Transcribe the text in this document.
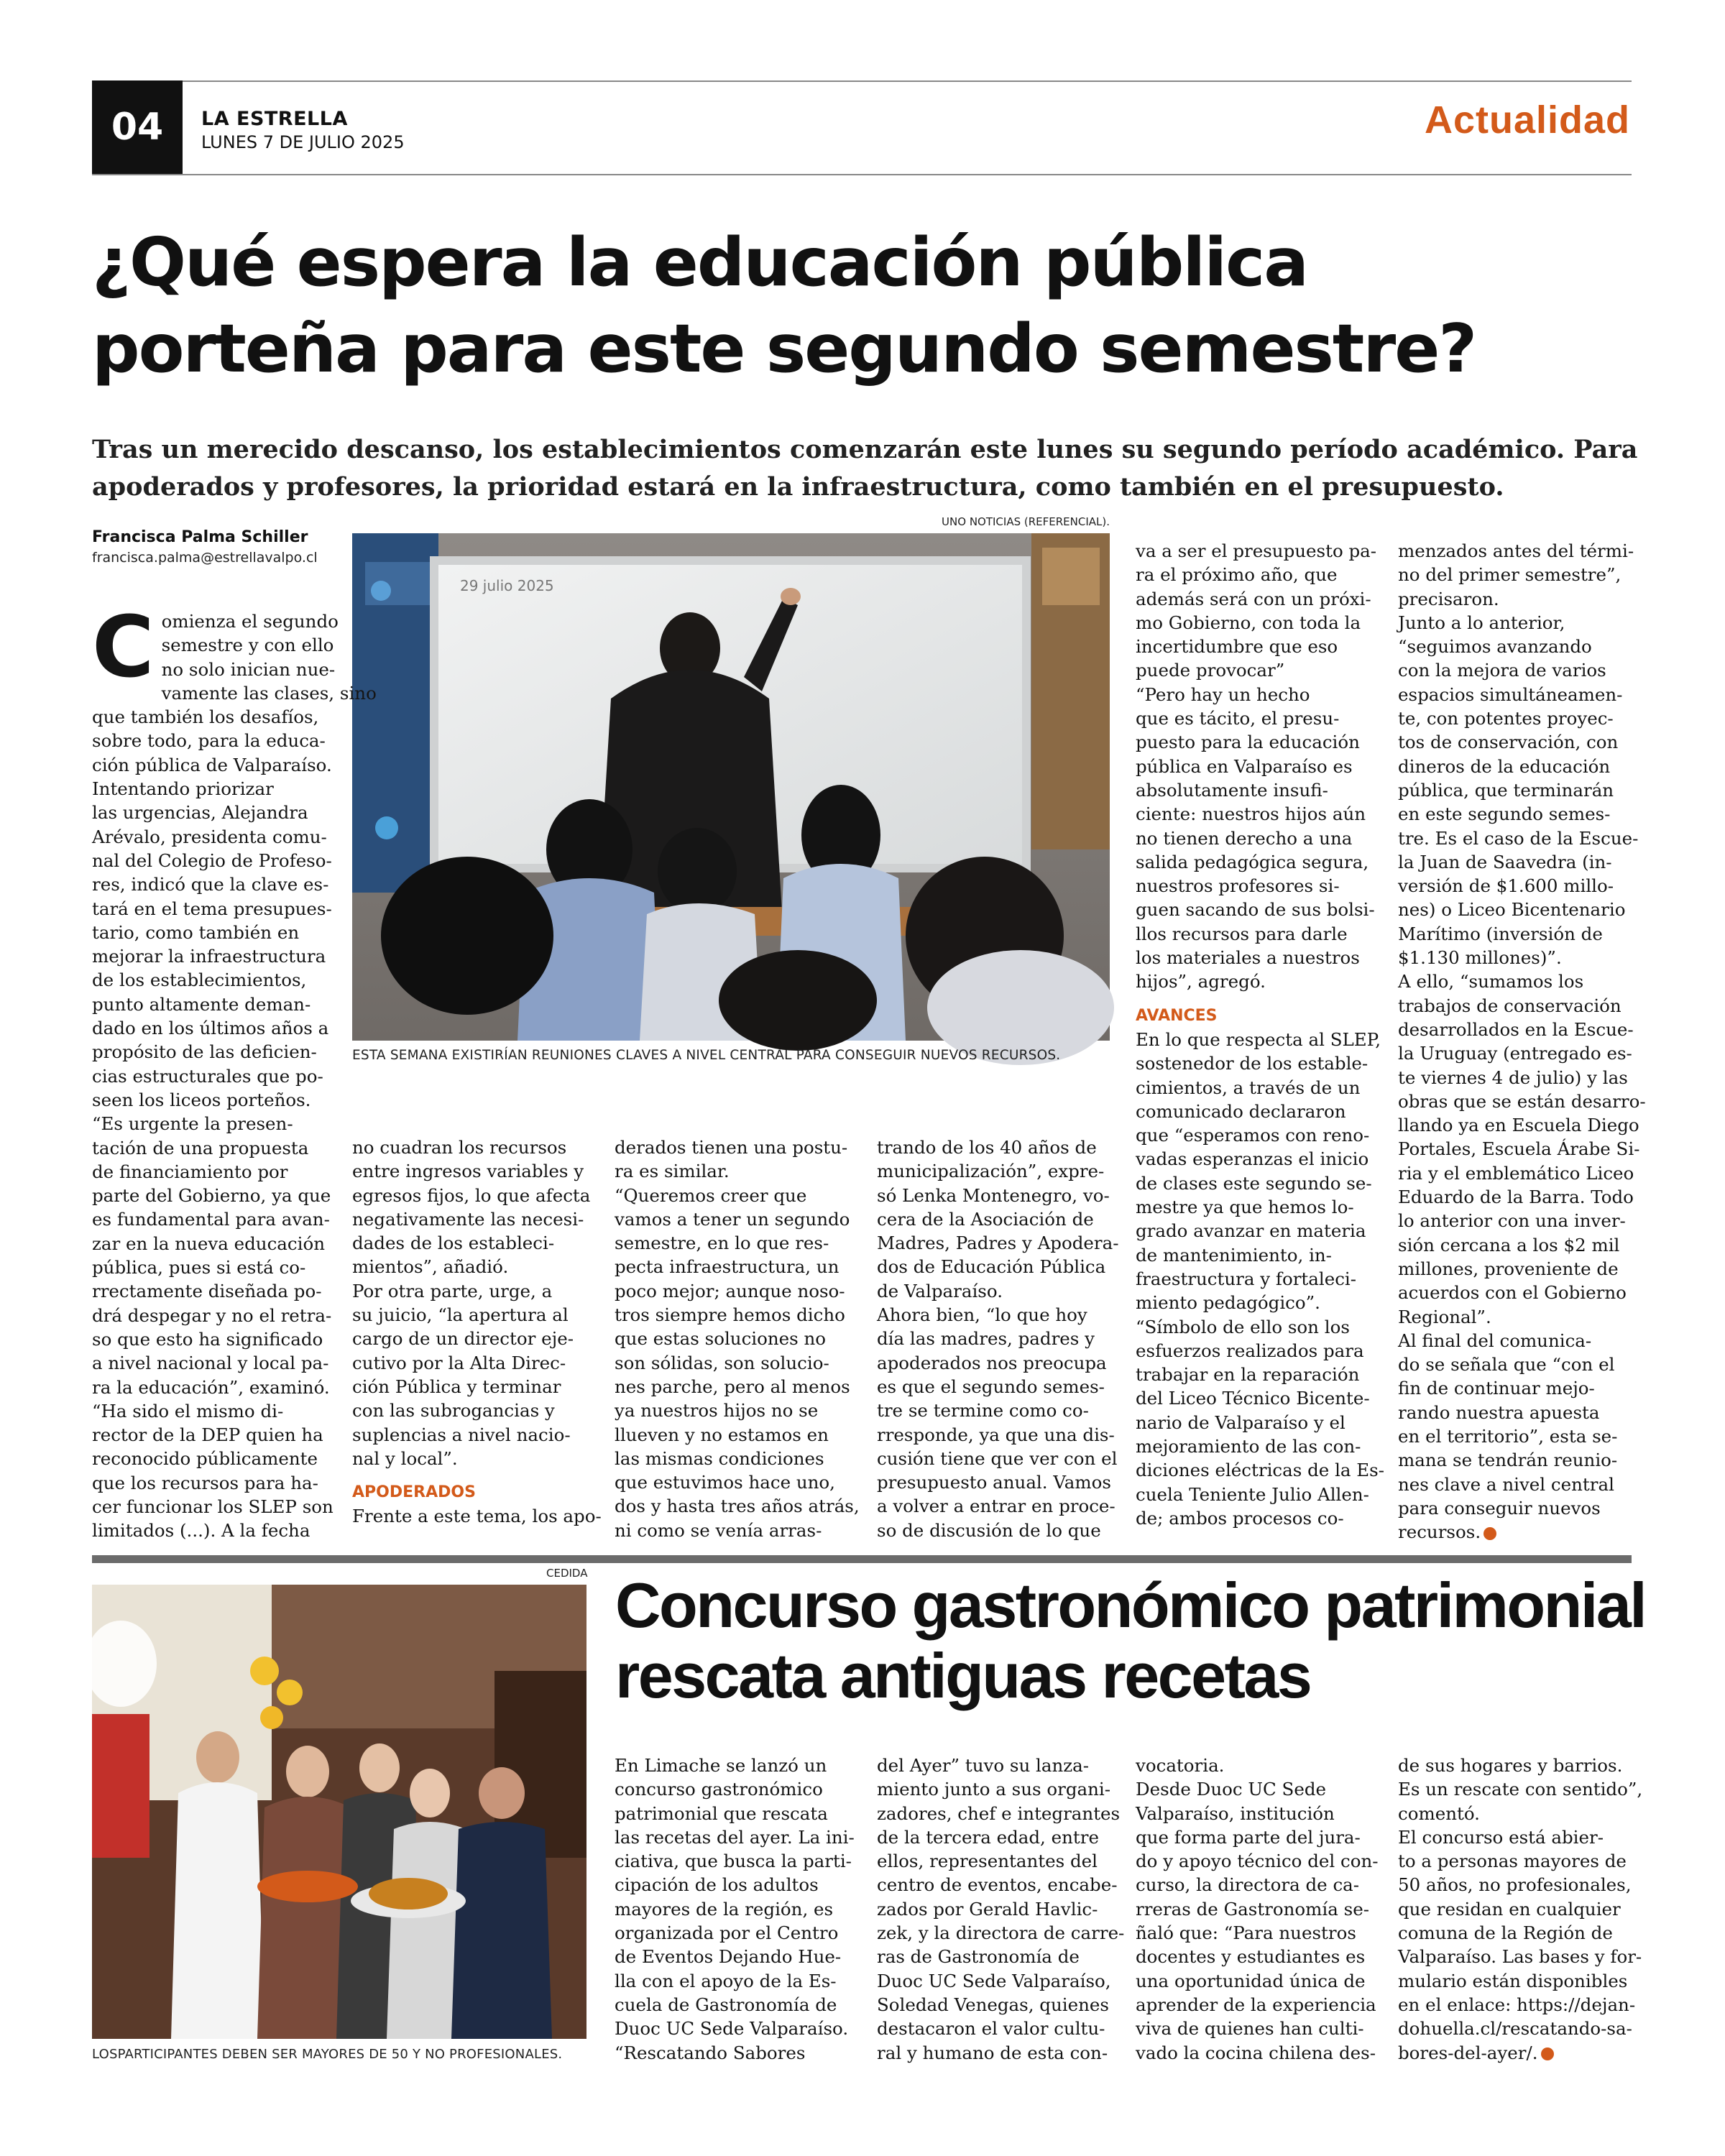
04	LA ESTRELLA
LUNES 7 DE JULIO 2025
Actualidad
¿Qué espera la educación pública
porteña para este segundo semestre?
Tras un merecido descanso, los establecimientos comenzarán este lunes su segundo período académico. Para
apoderados y profesores, la prioridad estará en la infraestructura, como también en el presupuesto.
Francisca Palma Schiller
francisca.palma@estrellavalpo.cl
UNO NOTICIAS (REFERENCIAL).
29 julio 2025
ESTA SEMANA EXISTIRÍAN REUNIONES CLAVES A NIVEL CENTRAL PARA CONSEGUIR NUEVOS RECURSOS.
C omienza el segundo
semestre y con ello
no solo inician nue-
vamente las clases, sino
que también los desafíos,
sobre todo, para la educa-
ción pública de Valparaíso.
Intentando priorizar
las urgencias, Alejandra
Arévalo, presidenta comu-
nal del Colegio de Profeso-
res, indicó que la clave es-
tará en el tema presupues-
tario, como también en
mejorar la infraestructura
de los establecimientos,
punto altamente deman-
dado en los últimos años a
propósito de las deficien-
cias estructurales que po-
seen los liceos porteños.
“Es urgente la presen-
tación de una propuesta
de financiamiento por
parte del Gobierno, ya que
es fundamental para avan-
zar en la nueva educación
pública, pues si está co-
rrectamente diseñada po-
drá despegar y no el retra-
so que esto ha significado
a nivel nacional y local pa-
ra la educación”, examinó.
“Ha sido el mismo di-
rector de la DEP quien ha
reconocido públicamente
que los recursos para ha-
cer funcionar los SLEP son
limitados (...). A la fecha
no cuadran los recursos
entre ingresos variables y
egresos fijos, lo que afecta
negativamente las necesi-
dades de los estableci-
mientos”, añadió.
Por otra parte, urge, a
su juicio, “la apertura al
cargo de un director eje-
cutivo por la Alta Direc-
ción Pública y terminar
con las subrogancias y
suplencias a nivel nacio-
nal y local”.
APODERADOS
Frente a este tema, los apo-
derados tienen una postu-
ra es similar.
“Queremos creer que
vamos a tener un segundo
semestre, en lo que res-
pecta infraestructura, un
poco mejor; aunque noso-
tros siempre hemos dicho
que estas soluciones no
son sólidas, son solucio-
nes parche, pero al menos
ya nuestros hijos no se
llueven y no estamos en
las mismas condiciones
que estuvimos hace uno,
dos y hasta tres años atrás,
ni como se venía arras-
trando de los 40 años de
municipalización”, expre-
só Lenka Montenegro, vo-
cera de la Asociación de
Madres, Padres y Apodera-
dos de Educación Pública
de Valparaíso.
Ahora bien, “lo que hoy
día las madres, padres y
apoderados nos preocupa
es que el segundo semes-
tre se termine como co-
rresponde, ya que una dis-
cusión tiene que ver con el
presupuesto anual. Vamos
a volver a entrar en proce-
so de discusión de lo que
va a ser el presupuesto pa-
ra el próximo año, que
además será con un próxi-
mo Gobierno, con toda la
incertidumbre que eso
puede provocar”
“Pero hay un hecho
que es tácito, el presu-
puesto para la educación
pública en Valparaíso es
absolutamente insufi-
ciente: nuestros hijos aún
no tienen derecho a una
salida pedagógica segura,
nuestros profesores si-
guen sacando de sus bolsi-
llos recursos para darle
los materiales a nuestros
hijos”, agregó.
AVANCES
En lo que respecta al SLEP,
sostenedor de los estable-
cimientos, a través de un
comunicado declararon
que “esperamos con reno-
vadas esperanzas el inicio
de clases este segundo se-
mestre ya que hemos lo-
grado avanzar en materia
de mantenimiento, in-
fraestructura y fortaleci-
miento pedagógico”.
“Símbolo de ello son los
esfuerzos realizados para
trabajar en la reparación
del Liceo Técnico Bicente-
nario de Valparaíso y el
mejoramiento de las con-
diciones eléctricas de la Es-
cuela Teniente Julio Allen-
de; ambos procesos co-
menzados antes del térmi-
no del primer semestre”,
precisaron.
Junto a lo anterior,
“seguimos avanzando
con la mejora de varios
espacios simultáneamen-
te, con potentes proyec-
tos de conservación, con
dineros de la educación
pública, que terminarán
en este segundo semes-
tre. Es el caso de la Escue-
la Juan de Saavedra (in-
versión de $1.600 millo-
nes) o Liceo Bicentenario
Marítimo (inversión de
$1.130 millones)”.
A ello, “sumamos los
trabajos de conservación
desarrollados en la Escue-
la Uruguay (entregado es-
te viernes 4 de julio) y las
obras que se están desarro-
llando ya en Escuela Diego
Portales, Escuela Árabe Si-
ria y el emblemático Liceo
Eduardo de la Barra. Todo
lo anterior con una inver-
sión cercana a los $2 mil
millones, proveniente de
acuerdos con el Gobierno
Regional”.
Al final del comunica-
do se señala que “con el
fin de continuar mejo-
rando nuestra apuesta
en el territorio”, esta se-
mana se tendrán reunio-
nes clave a nivel central
para conseguir nuevos
recursos.
CEDIDA
LOSPARTICIPANTES DEBEN SER MAYORES DE 50 Y NO PROFESIONALES.
Concurso gastronómico patrimonial
rescata antiguas recetas
En Limache se lanzó un
concurso gastronómico
patrimonial que rescata
las recetas del ayer. La ini-
ciativa, que busca la parti-
cipación de los adultos
mayores de la región, es
organizada por el Centro
de Eventos Dejando Hue-
lla con el apoyo de la Es-
cuela de Gastronomía de
Duoc UC Sede Valparaíso.
“Rescatando Sabores
del Ayer” tuvo su lanza-
miento junto a sus organi-
zadores, chef e integrantes
de la tercera edad, entre
ellos, representantes del
centro de eventos, encabe-
zados por Gerald Havlic-
zek, y la directora de carre-
ras de Gastronomía de
Duoc UC Sede Valparaíso,
Soledad Venegas, quienes
destacaron el valor cultu-
ral y humano de esta con-
vocatoria.
Desde Duoc UC Sede
Valparaíso, institución
que forma parte del jura-
do y apoyo técnico del con-
curso, la directora de ca-
rreras de Gastronomía se-
ñaló que: “Para nuestros
docentes y estudiantes es
una oportunidad única de
aprender de la experiencia
viva de quienes han culti-
vado la cocina chilena des-
de sus hogares y barrios.
Es un rescate con sentido”,
comentó.
El concurso está abier-
to a personas mayores de
50 años, no profesionales,
que residan en cualquier
comuna de la Región de
Valparaíso. Las bases y for-
mulario están disponibles
en el enlace: https://dejan-
dohuella.cl/rescatando-sa-
bores-del-ayer/.
